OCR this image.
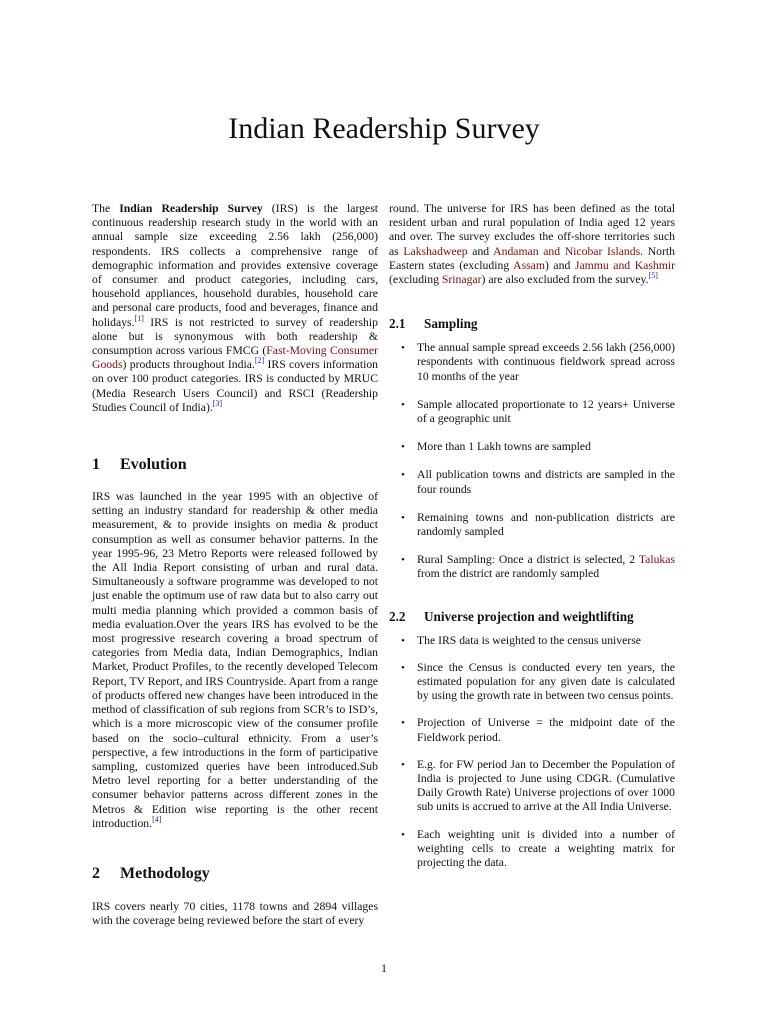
Indian Readership Survey

The Indian Readership Survey (IRS) is the largest continuous readership research study in the world with an annual sample size exceeding 2.56 lakh (256,000) respondents. IRS collects a comprehensive range of demographic information and provides extensive coverage of consumer and product categories, including cars, household appliances, household durables, household care and personal care products, food and beverages, finance and holidays.[1] IRS is not restricted to survey of readership alone but is synonymous with both readership & consumption across various FMCG (Fast-Moving Consumer Goods) products throughout India.[2] IRS covers information on over 100 product categories. IRS is conducted by MRUC (Media Research Users Council) and RSCI (Readership Studies Council of India).[3]

1 Evolution

IRS was launched in the year 1995 with an objective of setting an industry standard for readership & other media measurement, & to provide insights on media & product consumption as well as consumer behavior patterns. In the year 1995-96, 23 Metro Reports were released followed by the All India Report consisting of urban and rural data. Simultaneously a software programme was developed to not just enable the optimum use of raw data but to also carry out multi media planning which provided a common basis of media evaluation.Over the years IRS has evolved to be the most progressive research covering a broad spectrum of categories from Media data, Indian Demographics, Indian Market, Product Profiles, to the recently developed Telecom Report, TV Report, and IRS Countryside. Apart from a range of products offered new changes have been introduced in the method of classification of sub regions from SCR’s to ISD’s, which is a more microscopic view of the consumer profile based on the socio–cultural ethnicity. From a user’s perspective, a few introductions in the form of participative sampling, customized queries have been introduced.Sub Metro level reporting for a better understanding of the consumer behavior patterns across different zones in the Metros & Edition wise reporting is the other recent introduction.[4]

2 Methodology

IRS covers nearly 70 cities, 1178 towns and 2894 villages with the coverage being reviewed before the start of every

round. The universe for IRS has been defined as the total resident urban and rural population of India aged 12 years and over. The survey excludes the off-shore territories such as Lakshadweep and Andaman and Nicobar Islands. North Eastern states (excluding Assam) and Jammu and Kashmir (excluding Srinagar) are also excluded from the survey.[5]

2.1 Sampling
• The annual sample spread exceeds 2.56 lakh (256,000) respondents with continuous fieldwork spread across 10 months of the year

• Sample allocated proportionate to 12 years+ Universe of a geographic unit

• More than 1 Lakh towns are sampled

• All publication towns and districts are sampled in the four rounds

• Remaining towns and non-publication districts are randomly sampled

• Rural Sampling: Once a district is selected, 2 Talukas from the district are randomly sampled

2.2 Universe projection and weightlifting
• The IRS data is weighted to the census universe

• Since the Census is conducted every ten years, the estimated population for any given date is calculated by using the growth rate in between two census points.

• Projection of Universe = the midpoint date of the Fieldwork period.

• E.g. for FW period Jan to December the Population of India is projected to June using CDGR. (Cumulative Daily Growth Rate) Universe projections of over 1000 sub units is accrued to arrive at the All India Universe.

• Each weighting unit is divided into a number of weighting cells to create a weighting matrix for projecting the data.

1
